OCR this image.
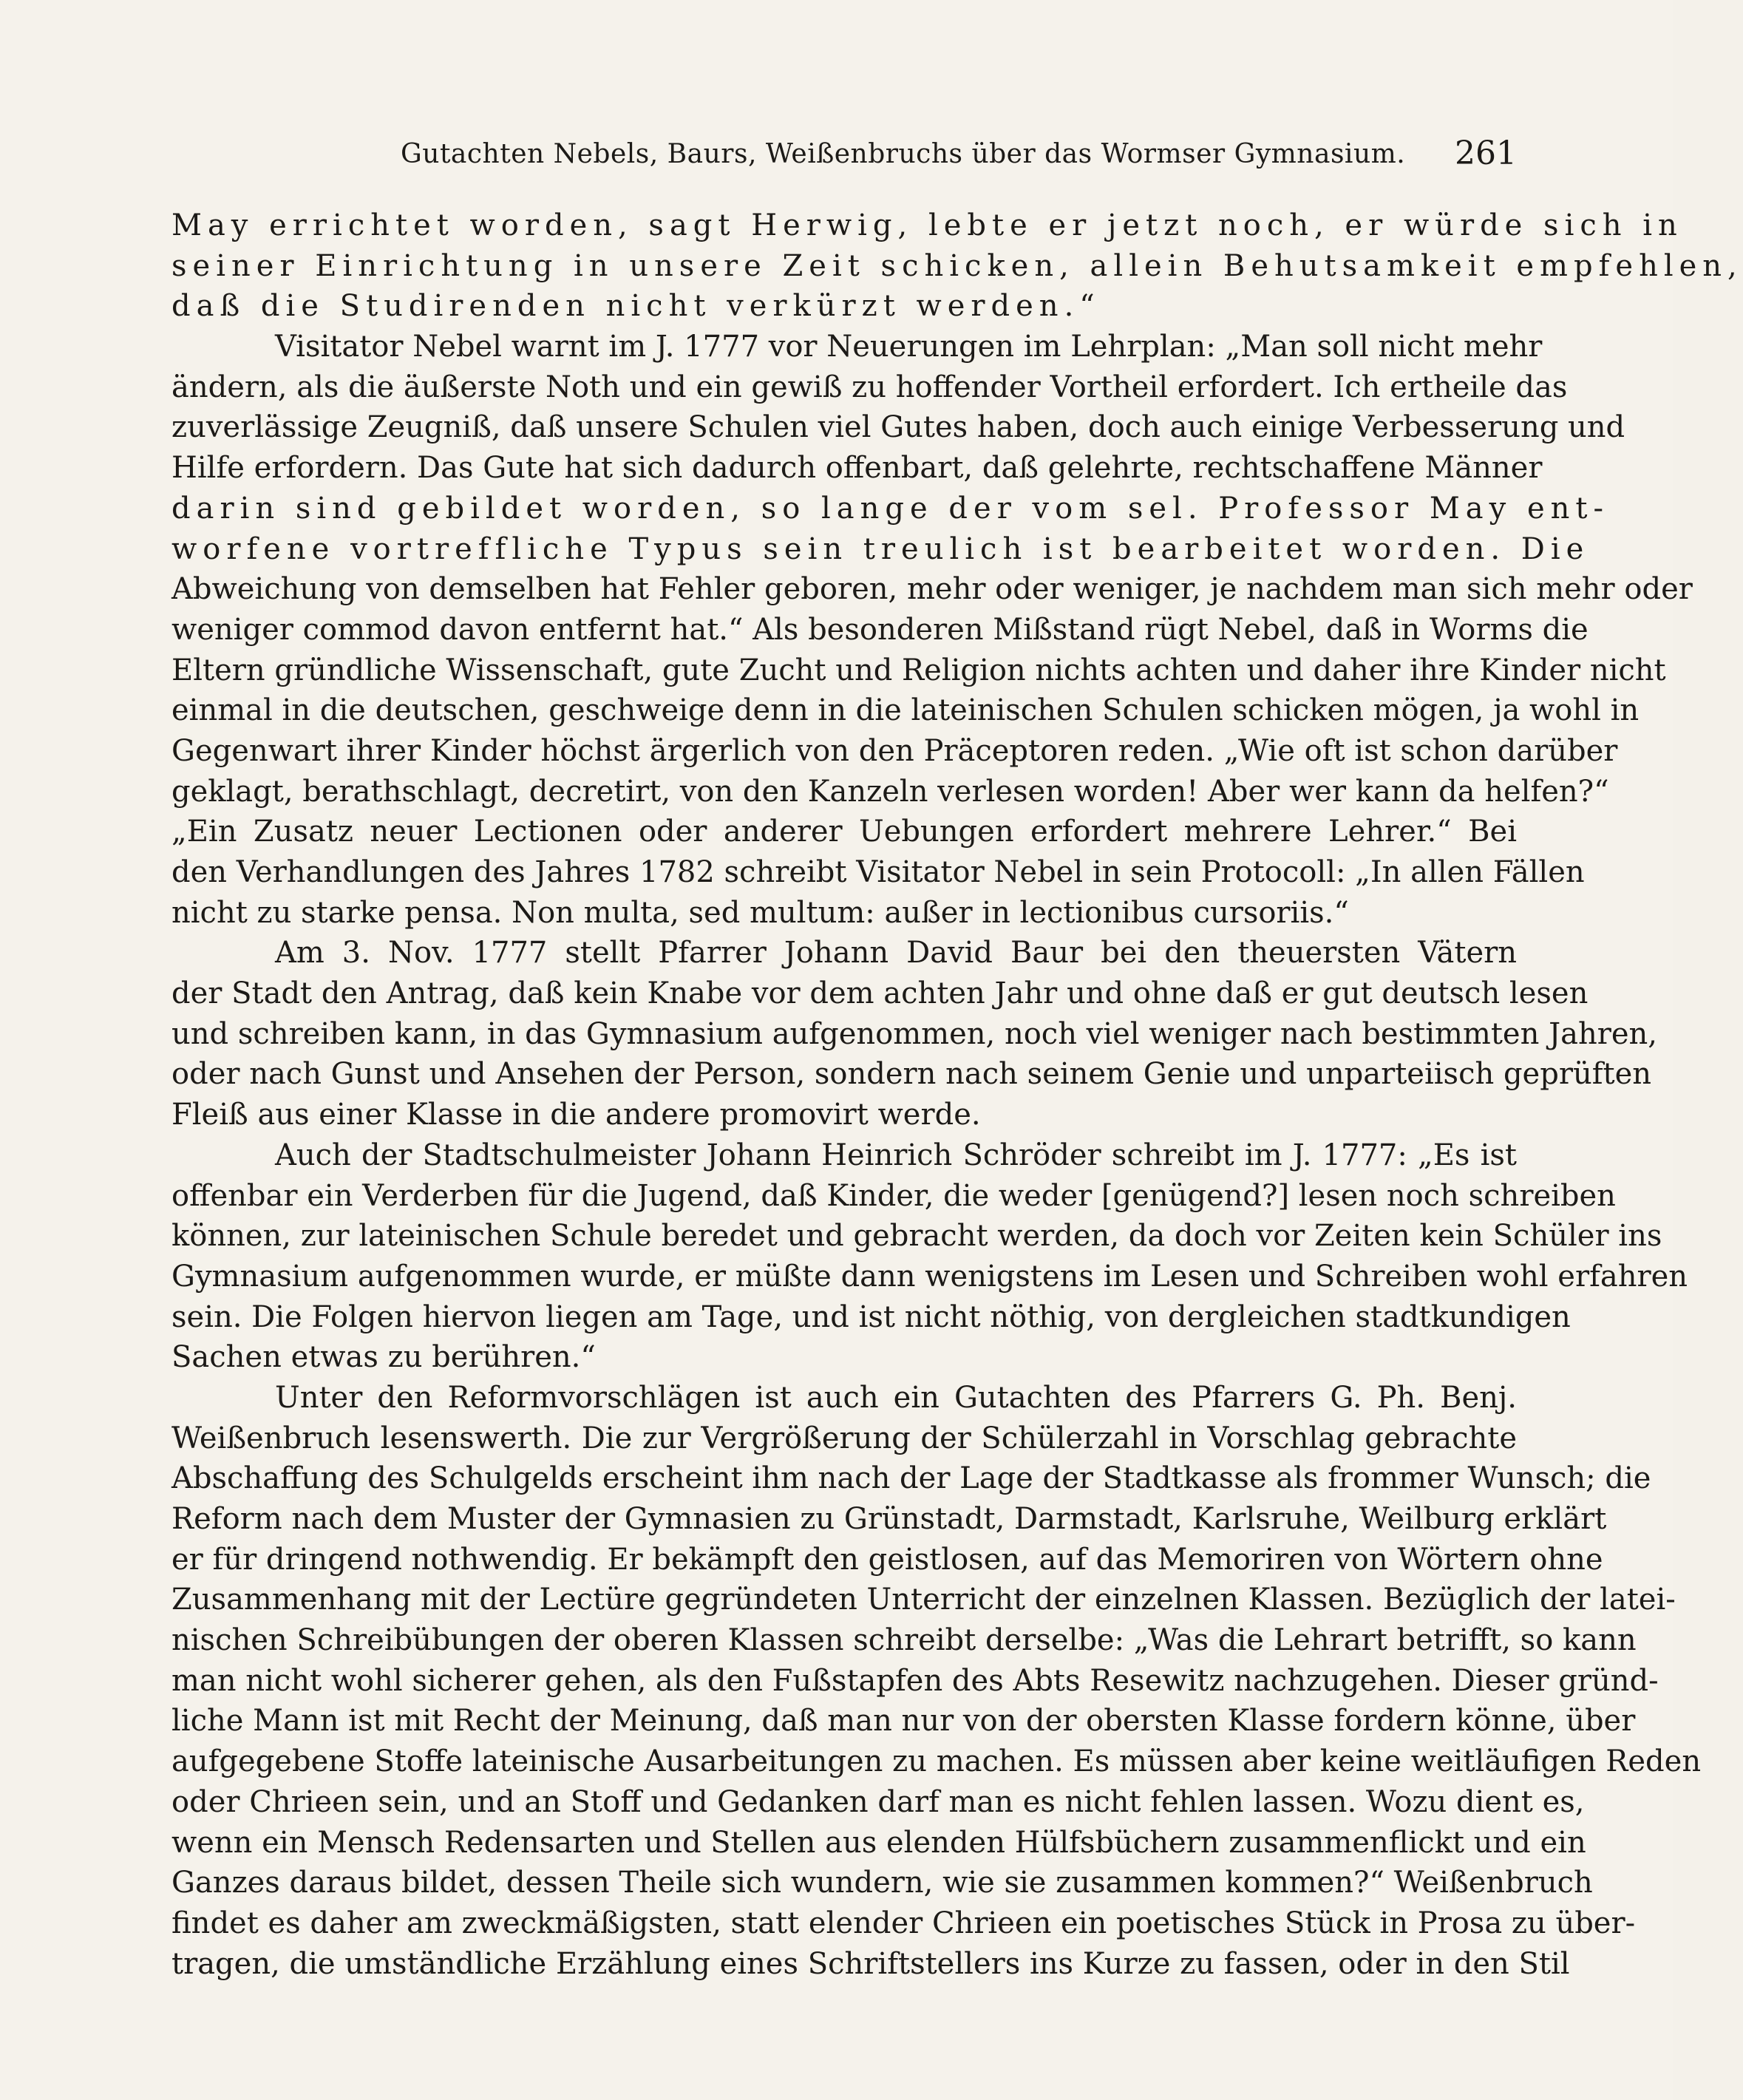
Gutachten Nebels, Baurs, Weißenbruchs über das Wormser Gymnasium. 261
May errichtet worden, sagt Herwig, lebte er jetzt noch, er würde sich in
seiner Einrichtung in unsere Zeit schicken, allein Behutsamkeit empfehlen,
daß die Studirenden nicht verkürzt werden.“
Visitator Nebel warnt im J. 1777 vor Neuerungen im Lehrplan: „Man soll nicht mehr
ändern, als die äußerste Noth und ein gewiß zu hoffender Vortheil erfordert. Ich ertheile das
zuverlässige Zeugniß, daß unsere Schulen viel Gutes haben, doch auch einige Verbesserung und
Hilfe erfordern. Das Gute hat sich dadurch offenbart, daß gelehrte, rechtschaffene Männer
darin sind gebildet worden, so lange der vom sel. Professor May ent-
worfene vortreffliche Typus sein treulich ist bearbeitet worden. Die
Abweichung von demselben hat Fehler geboren, mehr oder weniger, je nachdem man sich mehr oder
weniger commod davon entfernt hat.“ Als besonderen Mißstand rügt Nebel, daß in Worms die
Eltern gründliche Wissenschaft, gute Zucht und Religion nichts achten und daher ihre Kinder nicht
einmal in die deutschen, geschweige denn in die lateinischen Schulen schicken mögen, ja wohl in
Gegenwart ihrer Kinder höchst ärgerlich von den Präceptoren reden. „Wie oft ist schon darüber
geklagt, berathschlagt, decretirt, von den Kanzeln verlesen worden! Aber wer kann da helfen?“
„Ein Zusatz neuer Lectionen oder anderer Uebungen erfordert mehrere Lehrer.“ Bei
den Verhandlungen des Jahres 1782 schreibt Visitator Nebel in sein Protocoll: „In allen Fällen
nicht zu starke pensa. Non multa, sed multum: außer in lectionibus cursoriis.“
Am 3. Nov. 1777 stellt Pfarrer Johann David Baur bei den theuersten Vätern
der Stadt den Antrag, daß kein Knabe vor dem achten Jahr und ohne daß er gut deutsch lesen
und schreiben kann, in das Gymnasium aufgenommen, noch viel weniger nach bestimmten Jahren,
oder nach Gunst und Ansehen der Person, sondern nach seinem Genie und unparteiisch geprüften
Fleiß aus einer Klasse in die andere promovirt werde.
Auch der Stadtschulmeister Johann Heinrich Schröder schreibt im J. 1777: „Es ist
offenbar ein Verderben für die Jugend, daß Kinder, die weder [genügend?] lesen noch schreiben
können, zur lateinischen Schule beredet und gebracht werden, da doch vor Zeiten kein Schüler ins
Gymnasium aufgenommen wurde, er müßte dann wenigstens im Lesen und Schreiben wohl erfahren
sein. Die Folgen hiervon liegen am Tage, und ist nicht nöthig, von dergleichen stadtkundigen
Sachen etwas zu berühren.“
Unter den Reformvorschlägen ist auch ein Gutachten des Pfarrers G. Ph. Benj.
Weißenbruch lesenswerth. Die zur Vergrößerung der Schülerzahl in Vorschlag gebrachte
Abschaffung des Schulgelds erscheint ihm nach der Lage der Stadtkasse als frommer Wunsch; die
Reform nach dem Muster der Gymnasien zu Grünstadt, Darmstadt, Karlsruhe, Weilburg erklärt
er für dringend nothwendig. Er bekämpft den geistlosen, auf das Memoriren von Wörtern ohne
Zusammenhang mit der Lectüre gegründeten Unterricht der einzelnen Klassen. Bezüglich der latei-
nischen Schreibübungen der oberen Klassen schreibt derselbe: „Was die Lehrart betrifft, so kann
man nicht wohl sicherer gehen, als den Fußstapfen des Abts Resewitz nachzugehen. Dieser gründ-
liche Mann ist mit Recht der Meinung, daß man nur von der obersten Klasse fordern könne, über
aufgegebene Stoffe lateinische Ausarbeitungen zu machen. Es müssen aber keine weitläufigen Reden
oder Chrieen sein, und an Stoff und Gedanken darf man es nicht fehlen lassen. Wozu dient es,
wenn ein Mensch Redensarten und Stellen aus elenden Hülfsbüchern zusammenflickt und ein
Ganzes daraus bildet, dessen Theile sich wundern, wie sie zusammen kommen?“ Weißenbruch
findet es daher am zweckmäßigsten, statt elender Chrieen ein poetisches Stück in Prosa zu über-
tragen, die umständliche Erzählung eines Schriftstellers ins Kurze zu fassen, oder in den Stil
